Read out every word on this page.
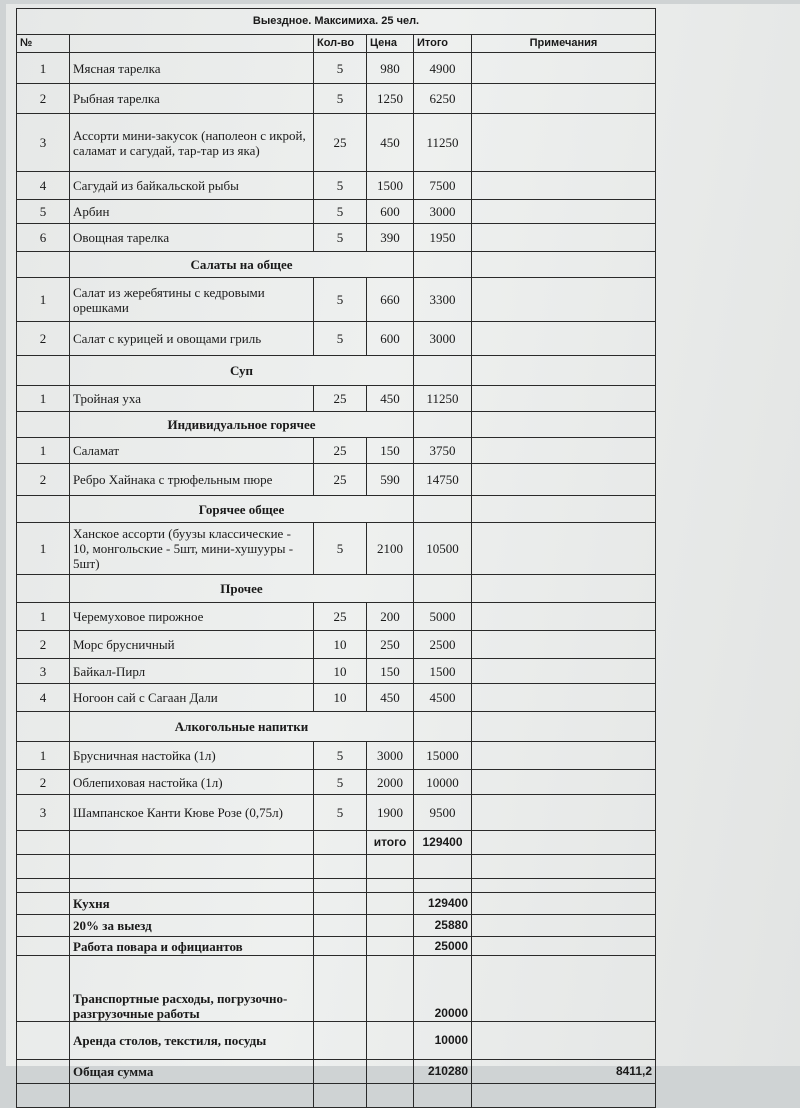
Выездное. Максимиха. 25 чел.					
№		Кол-во	Цена	Итого	Примечания
1	Мясная тарелка	5	980	4900	
2	Рыбная тарелка	5	1250	6250	
3	Ассорти мини-закусок (наполеон с икрой, саламат и сагудай, тар-тар из яка)	25	450	11250	
4	Сагудай из байкальской рыбы	5	1500	7500	
5	Арбин	5	600	3000	
6	Овощная тарелка	5	390	1950	
	Салаты на общее				
1	Салат из жеребятины с кедровыми орешками	5	660	3300	
2	Салат с курицей и овощами гриль	5	600	3000	
	Суп				
1	Тройная уха	25	450	11250	
	Индивидуальное горячее				
1	Саламат	25	150	3750	
2	Ребро Хайнака с трюфельным пюре	25	590	14750	
	Горячее общее				
1	Ханское ассорти (буузы классические - 10, монгольские - 5шт, мини-хушууры - 5шт)	5	2100	10500	
	Прочее				
1	Черемуховое пирожное	25	200	5000	
2	Морс брусничный	10	250	2500	
3	Байкал-Пирл	10	150	1500	
4	Ногоон сай с Сагаан Дали	10	450	4500	
	Алкогольные напитки				
1	Брусничная настойка (1л)	5	3000	15000	
2	Облепиховая настойка (1л)	5	2000	10000	
3	Шампанское Канти Кюве Розе (0,75л)	5	1900	9500	
			итого	129400	

	Кухня			129400	
	20% за выезд			25880	
	Работа повара и официантов			25000	
	Транспортные расходы, погрузочно-разгрузочные работы			20000	
	Аренда столов, текстиля, посуды			10000	
	Общая сумма			210280	8411,2
